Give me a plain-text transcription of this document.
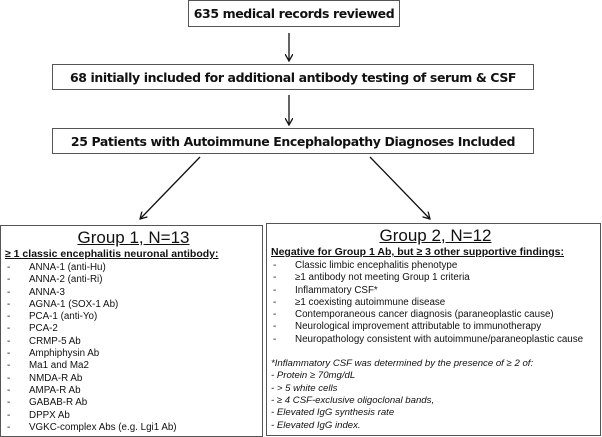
635 medical records reviewed
68 initially included for additional antibody testing of serum & CSF
25 Patients with Autoimmune Encephalopathy Diagnoses Included
Group 1, N=13
≥ 1 classic encephalitis neuronal antibody:
- ANNA-1 (anti-Hu)
- ANNA-2 (anti-Ri)
- ANNA-3
- AGNA-1 (SOX-1 Ab)
- PCA-1 (anti-Yo)
- PCA-2
- CRMP-5 Ab
- Amphiphysin Ab
- Ma1 and Ma2
- NMDA-R Ab
- AMPA-R Ab
- GABAB-R Ab
- DPPX Ab
- VGKC-complex Abs (e.g. Lgi1 Ab)
Group 2, N=12
Negative for Group 1 Ab, but ≥ 3 other supportive findings:
- Classic limbic encephalitis phenotype
- ≥1 antibody not meeting Group 1 criteria
- Inflammatory CSF*
- ≥1 coexisting autoimmune disease
- Contemporaneous cancer diagnosis (paraneoplastic cause)
- Neurological improvement attributable to immunotherapy
- Neuropathology consistent with autoimmune/paraneoplastic cause
*Inflammatory CSF was determined by the presence of ≥ 2 of:
- Protein ≥ 70mg/dL
- > 5 white cells
- ≥ 4 CSF-exclusive oligoclonal bands,
- Elevated IgG synthesis rate
- Elevated IgG index.
